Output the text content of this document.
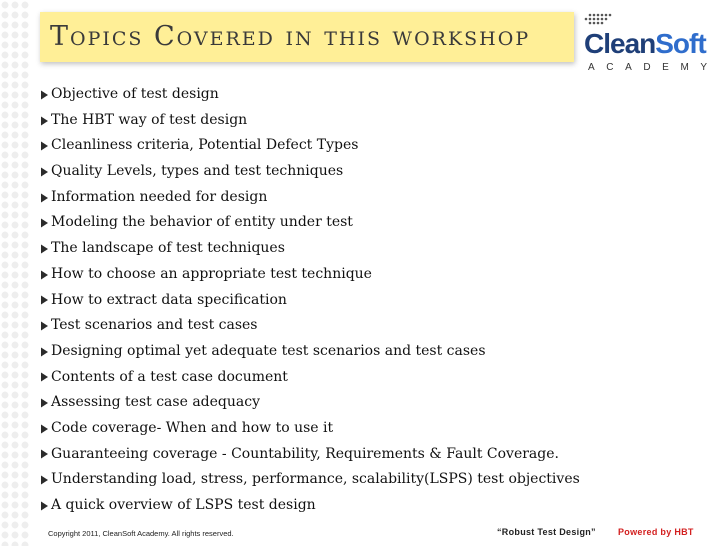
Topics Covered in this workshop CleanSoft
ACADEMY
Objective of test design
The HBT way of test design
Cleanliness criteria, Potential Defect Types
Quality Levels, types and test techniques
Information needed for design
Modeling the behavior of entity under test
The landscape of test techniques
How to choose an appropriate test technique
How to extract data specification
Test scenarios and test cases
Designing optimal yet adequate test scenarios and test cases
Contents of a test case document
Assessing test case adequacy
Code coverage- When and how to use it
Guaranteeing coverage - Countability, Requirements & Fault Coverage.
Understanding load, stress, performance, scalability(LSPS) test objectives
A quick overview of LSPS test design
Copyright 2011, CleanSoft Academy. All rights reserved.	“Robust Test Design” Powered by HBT
